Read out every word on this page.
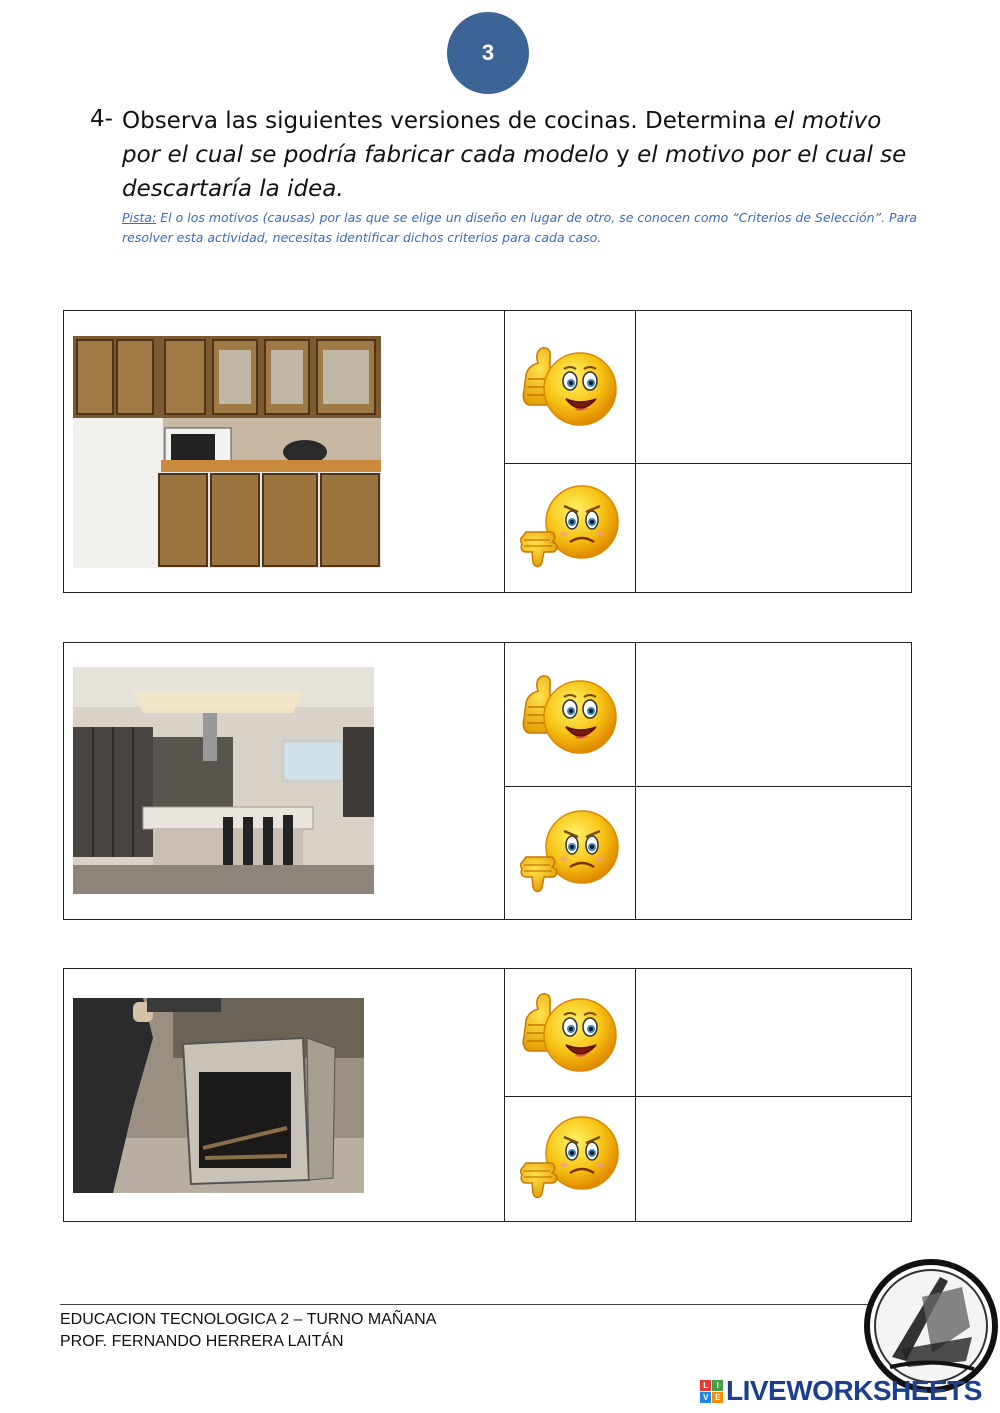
3
4- Observa las siguientes versiones de cocinas. Determina el motivo por el cual se podría fabricar cada modelo y el motivo por el cual se descartaría la idea.
Pista: El o los motivos (causas) por las que se elige un diseño en lugar de otro, se conocen como “Criterios de Selección”. Para resolver esta actividad, necesitas identificar dichos criterios para cada caso.
EDUCACION TECNOLOGICA 2 – TURNO MAÑANA
PROF. FERNANDO HERRERA LAITÁN
L	I
V E LIVEWORKSHEETS
